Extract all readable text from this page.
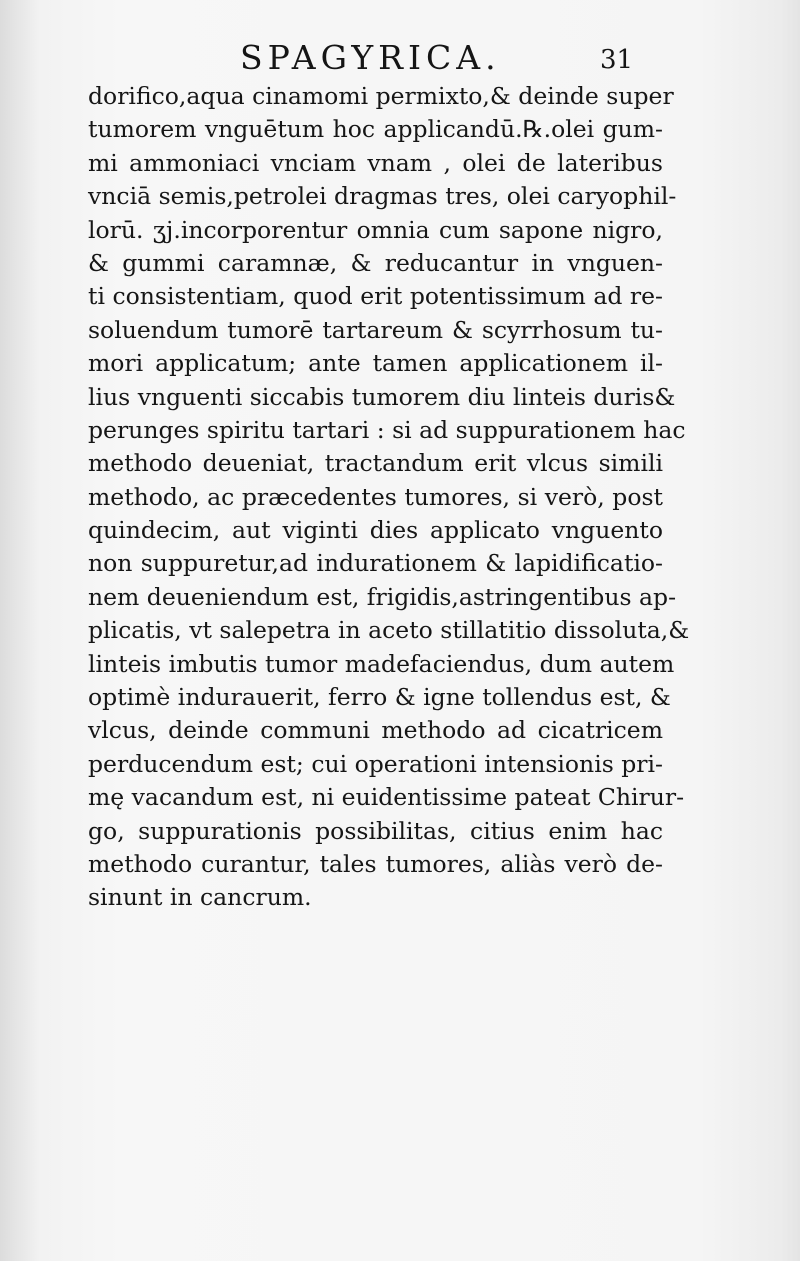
SPAGYRICA.	31
dorifico,aqua cinamomi permixto,& deinde super
tumorem vnguētum hoc applicandū.℞.olei gum-
mi ammoniaci vnciam vnam , olei de lateribus
vnciā semis,petrolei dragmas tres, olei caryophil-
lorū. ʒj.incorporentur omnia cum sapone nigro,
& gummi caramnæ, & reducantur in vnguen-
ti consistentiam, quod erit potentissimum ad re-
soluendum tumorē tartareum & scyrrhosum tu-
mori applicatum; ante tamen applicationem il-
lius vnguenti siccabis tumorem diu linteis duris&
perunges spiritu tartari : si ad suppurationem hac
methodo deueniat, tractandum erit vlcus simili
methodo, ac præcedentes tumores, si verò, post
quindecim, aut viginti dies applicato vnguento
non suppuretur,ad indurationem & lapidificatio-
nem deueniendum est, frigidis,astringentibus ap-
plicatis, vt salepetra in aceto stillatitio dissoluta,&
linteis imbutis tumor madefaciendus, dum autem
optimè indurauerit, ferro & igne tollendus est, &
vlcus, deinde communi methodo ad cicatricem
perducendum est; cui operationi intensionis pri-
mę vacandum est, ni euidentissime pateat Chirur-
go, suppurationis possibilitas, citius enim hac
methodo curantur, tales tumores, aliàs verò de-
sinunt in cancrum.
